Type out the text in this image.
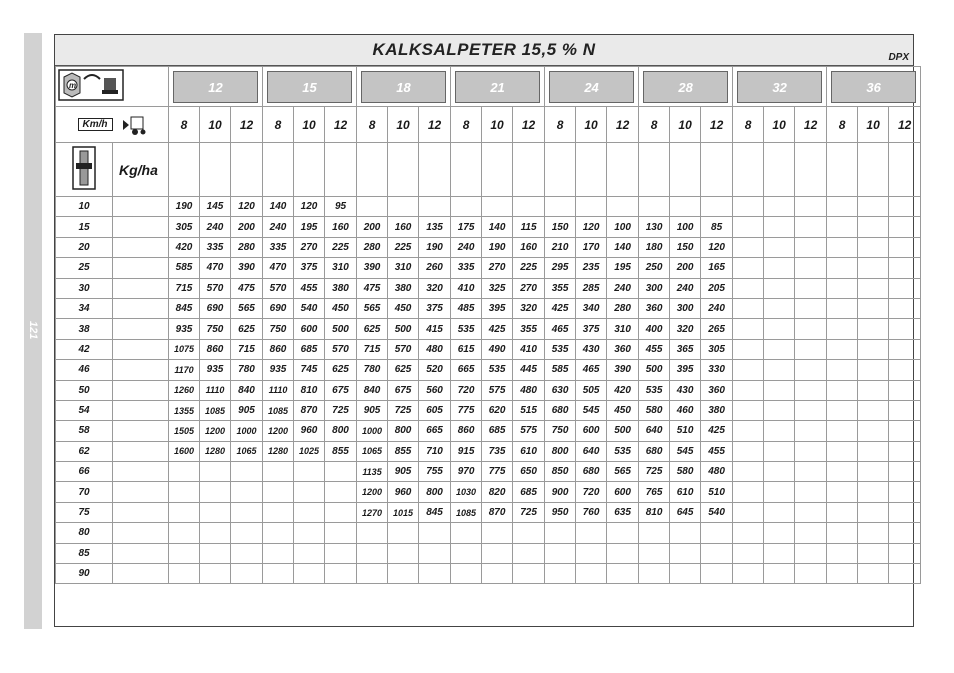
121
KALKSALPETER 15,5 % N	DPX
m		12			15			18			21			24			28			32			36		

Km/h		8	10	12	8	10	12	8	10	12	8	10	12	8	10	12	8	10	12	8	10	12	8	10	12
	Kg/ha																								
10		190	145	120	140	120	95																		
15		305	240	200	240	195	160	200	160	135	175	140	115	150	120	100	130	100	85						
20		420	335	280	335	270	225	280	225	190	240	190	160	210	170	140	180	150	120						
25		585	470	390	470	375	310	390	310	260	335	270	225	295	235	195	250	200	165						
30		715	570	475	570	455	380	475	380	320	410	325	270	355	285	240	300	240	205						
34		845	690	565	690	540	450	565	450	375	485	395	320	425	340	280	360	300	240						
38		935	750	625	750	600	500	625	500	415	535	425	355	465	375	310	400	320	265						
42		1075	860	715	860	685	570	715	570	480	615	490	410	535	430	360	455	365	305						
46		1170	935	780	935	745	625	780	625	520	665	535	445	585	465	390	500	395	330						
50		1260	1110	840	1110	810	675	840	675	560	720	575	480	630	505	420	535	430	360						
54		1355	1085	905	1085	870	725	905	725	605	775	620	515	680	545	450	580	460	380						
58		1505	1200	1000	1200	960	800	1000	800	665	860	685	575	750	600	500	640	510	425						
62		1600	1280	1065	1280	1025	855	1065	855	710	915	735	610	800	640	535	680	545	455						
66								1135	905	755	970	775	650	850	680	565	725	580	480						
70								1200	960	800	1030	820	685	900	720	600	765	610	510						
75								1270	1015	845	1085	870	725	950	760	635	810	645	540						
80																									
85																									
90																									
